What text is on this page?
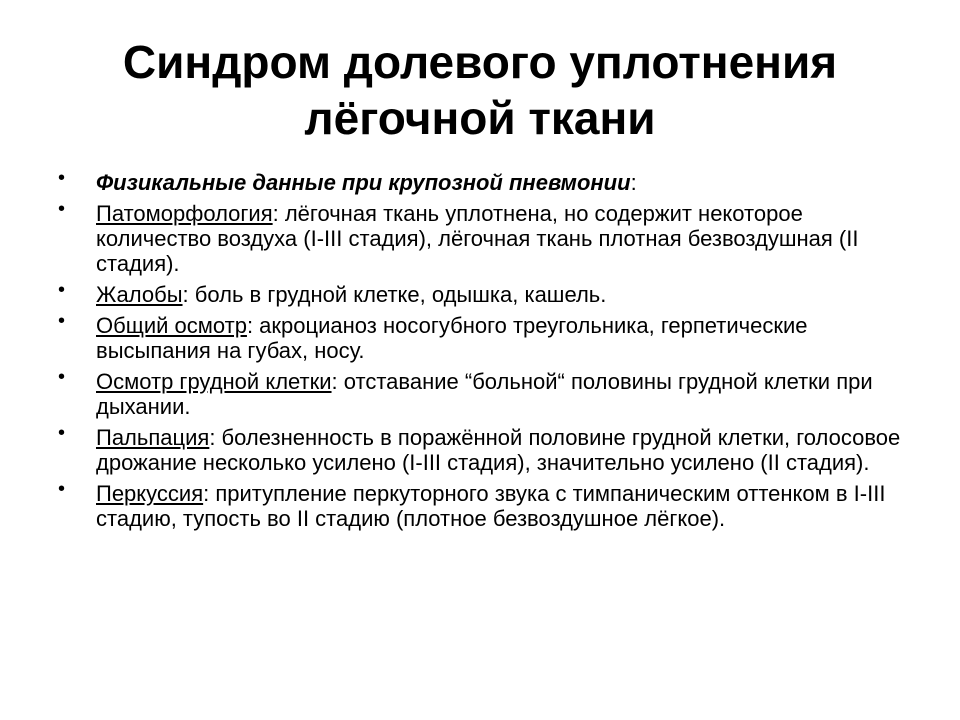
Синдром долевого уплотнения
лёгочной ткани
• Физикальные данные при крупозной пневмонии:
• Патоморфология: лёгочная ткань уплотнена, но содержит некоторое количество воздуха (I-III стадия), лёгочная ткань плотная безвоздушная (II стадия).
• Жалобы: боль в грудной клетке, одышка, кашель.
• Общий осмотр: акроцианоз носогубного треугольника, герпетические высыпания на губах, носу.
• Осмотр грудной клетки: отставание “больной“ половины грудной клетки при дыхании.
• Пальпация: болезненность в поражённой половине грудной клетки, голосовое дрожание несколько усилено (I-III стадия), значительно усилено (II стадия).
• Перкуссия: притупление перкуторного звука с тимпаническим оттенком в I-III стадию, тупость во II стадию (плотное безвоздушное лёгкое).
